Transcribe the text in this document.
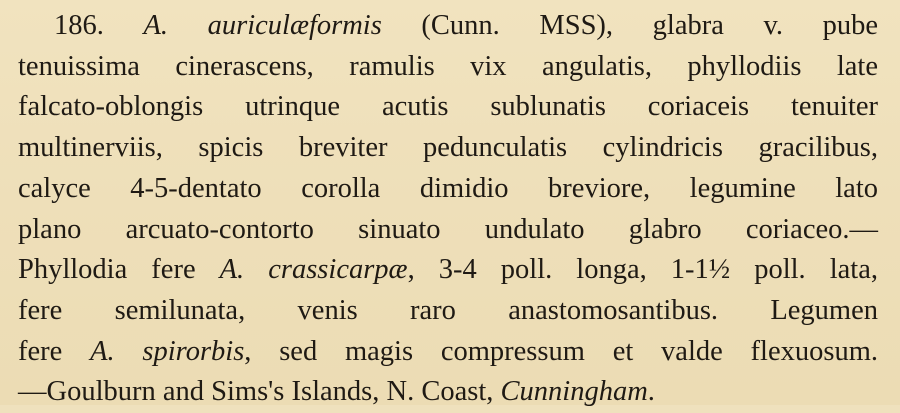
186. A. auriculæformis (Cunn. MSS), glabra v. pube
tenuissima cinerascens, ramulis vix angulatis, phyllodiis late
falcato-oblongis utrinque acutis sublunatis coriaceis tenuiter
multinerviis, spicis breviter pedunculatis cylindricis gracilibus,
calyce 4-5-dentato corolla dimidio breviore, legumine lato
plano arcuato-contorto sinuato undulato glabro coriaceo.—
Phyllodia fere A. crassicarpæ, 3-4 poll. longa, 1-1½ poll. lata,
fere semilunata, venis raro anastomosantibus. Legumen
fere A. spirorbis, sed magis compressum et valde flexuosum.
—Goulburn and Sims's Islands, N. Coast, Cunningham.
